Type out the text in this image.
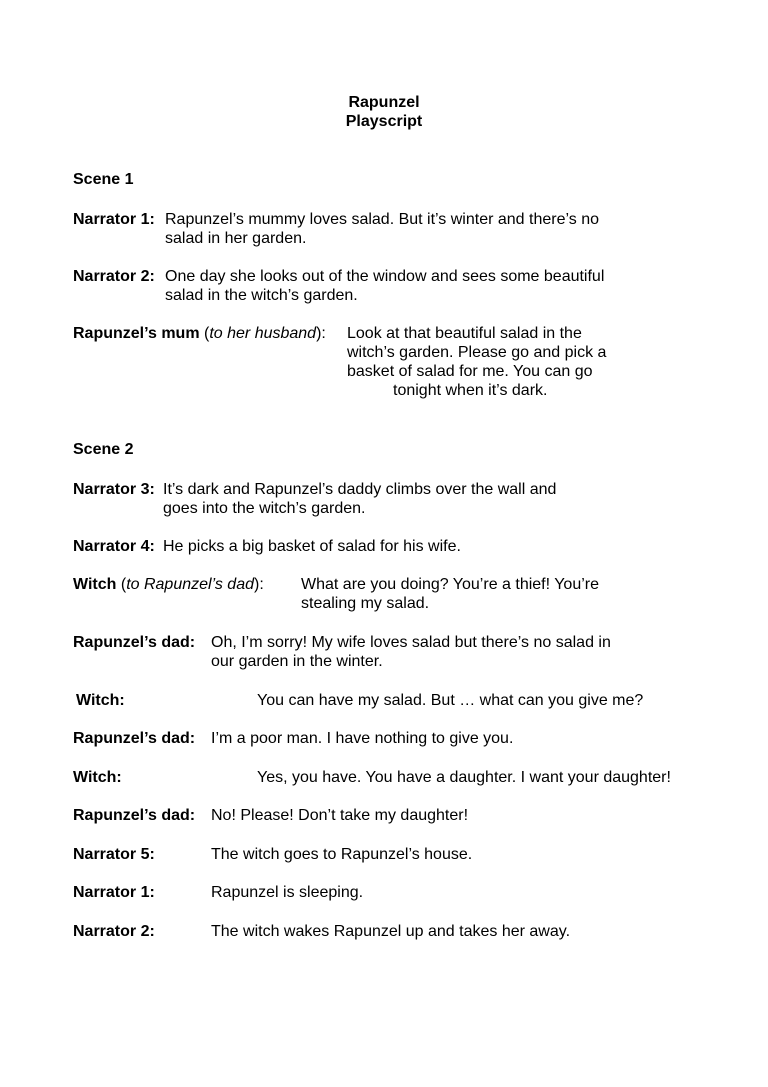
Rapunzel
Playscript
Scene 1
Narrator 1: Rapunzel’s mummy loves salad. But it’s winter and there’s no
salad in her garden.
Narrator 2: One day she looks out of the window and sees some beautiful
salad in the witch’s garden.
Rapunzel’s mum (to her husband): Look at that beautiful salad in the
witch’s garden. Please go and pick a
basket of salad for me. You can go
tonight when it’s dark.
Scene 2
Narrator 3: It’s dark and Rapunzel’s daddy climbs over the wall and
goes into the witch’s garden.
Narrator 4: He picks a big basket of salad for his wife.
Witch (to Rapunzel’s dad): What are you doing? You’re a thief! You’re
stealing my salad.
Rapunzel’s dad: Oh, I’m sorry! My wife loves salad but there’s no salad in
our garden in the winter.
Witch:	You can have my salad. But … what can you give me?
Rapunzel’s dad: I’m a poor man. I have nothing to give you.
Witch:	Yes, you have. You have a daughter. I want your daughter!
Rapunzel’s dad: No! Please! Don’t take my daughter!
Narrator 5:	The witch goes to Rapunzel’s house.
Narrator 1:	Rapunzel is sleeping.
Narrator 2:	The witch wakes Rapunzel up and takes her away.
